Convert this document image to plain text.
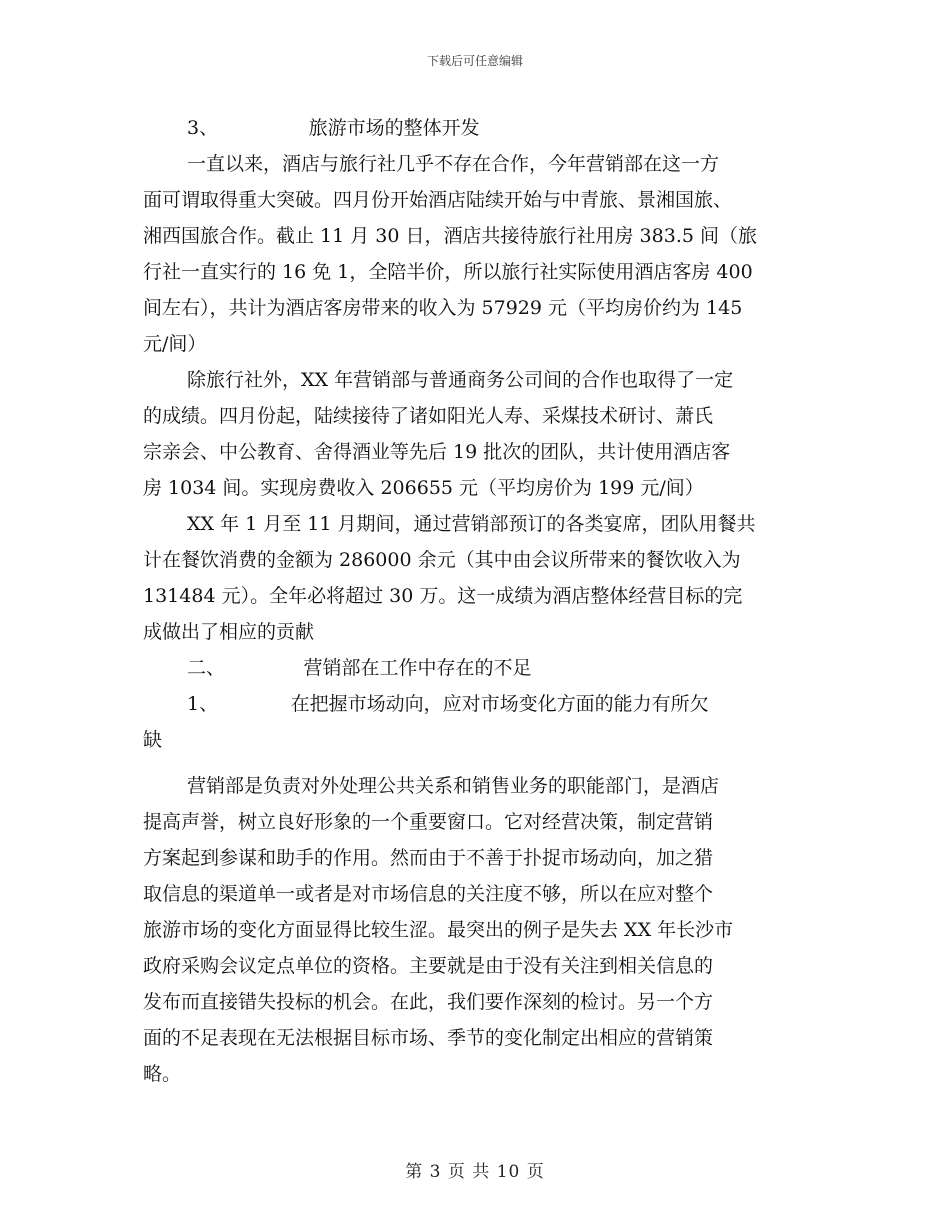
下载后可任意编辑
3、               旅游市场的整体开发
一直以来，酒店与旅行社几乎不存在合作，今年营销部在这一方
面可谓取得重大突破。四月份开始酒店陆续开始与中青旅、景湘国旅、
湘西国旅合作。截止 11 月 30 日，酒店共接待旅行社用房 383.5 间（旅
行社一直实行的 16 免 1，全陪半价，所以旅行社实际使用酒店客房 400
间左右），共计为酒店客房带来的收入为 57929 元（平均房价约为 145
元/间）
除旅行社外，XX 年营销部与普通商务公司间的合作也取得了一定
的成绩。四月份起，陆续接待了诸如阳光人寿、采煤技术研讨、萧氏
宗亲会、中公教育、舍得酒业等先后 19 批次的团队，共计使用酒店客
房 1034 间。实现房费收入 206655 元（平均房价为 199 元/间）
XX 年 1 月至 11 月期间，通过营销部预订的各类宴席，团队用餐共
计在餐饮消费的金额为 286000 余元（其中由会议所带来的餐饮收入为
131484 元）。全年必将超过 30 万。这一成绩为酒店整体经营目标的完
成做出了相应的贡献
二、             营销部在工作中存在的不足
1、            在把握市场动向，应对市场变化方面的能力有所欠
缺
营销部是负责对外处理公共关系和销售业务的职能部门，是酒店
提高声誉，树立良好形象的一个重要窗口。它对经营决策，制定营销
方案起到参谋和助手的作用。然而由于不善于扑捉市场动向，加之猎
取信息的渠道单一或者是对市场信息的关注度不够，所以在应对整个
旅游市场的变化方面显得比较生涩。最突出的例子是失去 XX 年长沙市
政府采购会议定点单位的资格。主要就是由于没有关注到相关信息的
发布而直接错失投标的机会。在此，我们要作深刻的检讨。另一个方
面的不足表现在无法根据目标市场、季节的变化制定出相应的营销策
略。
第 3 页 共 10 页
